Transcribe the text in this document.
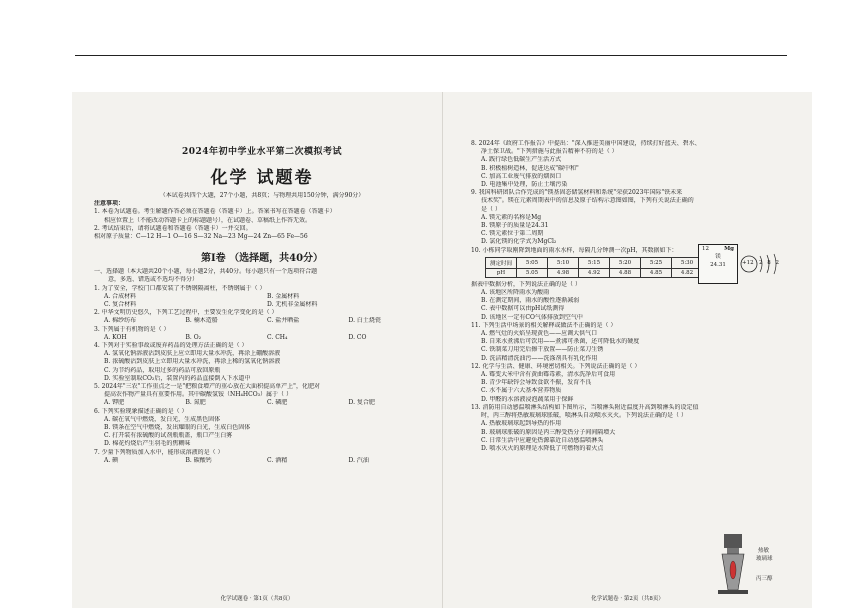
2024年初中学业水平第二次模拟考试
化学 试题卷
（本试卷共四个大题，27个小题，共8页；与物理共用150分钟，满分90分）
注意事项：
1. 本卷为试题卷。考生解题作答必须在答题卷（答题卡）上。答案书写在答题卷（答题卡）
相应位置上（不能改动答题卡上的标题题号），在试题卷、草稿纸上作答无效。
2. 考试结束后，请将试题卷和答题卷（答题卡）一并交回。
相对原子质量：C—12 H—1 O—16 S—32 Na—23 Mg—24 Zn—65 Fe—56
第Ⅰ卷 （选择题，共40分）
一、选择题（本大题共20个小题，每小题2分，共40分。每小题只有一个选项符合题
意，多选、错选或不选均不得分）
1. 为了安全，学校门口都安装了不锈钢隔离柱，不锈钢属于（ ）
A. 合成材料	B. 金属材料
C. 复合材料	D. 无机非金属材料
2. 中华文明历史悠久，下列工艺过程中，主要发生化学变化的是（ ）
A. 棉纱纺布	B. 楠木造船	C. 盐井晒盐	D. 白土烧瓷
3. 下列属于有机物的是（ ）
A. KOH	B. O₂	C. CH₄	D. CO
4. 下列对于实验事故或废弃药品的处理方法正确的是（ ）
A. 氢氧化钠溶液沾到皮肤上应立即用大量水冲洗，再涂上硼酸溶液
B. 浓硫酸沾到皮肤上立即用大量水冲洗，再涂上稀的氢氧化钠溶液
C. 为节约药品，取用过多的药品可放回原瓶
D. 实验室制取CO₂后，装置内的药品直接倒入下水道中
5. 2024年"三农"工作重点之一是"把粮食增产的重心放在大面积提高单产上"，化肥对
提高农作物产量具有重要作用。其中碳酸氢铵（NH₄HCO₃）属于（ ）
A. 钾肥	B. 氮肥	C. 磷肥	D. 复合肥
6. 下列实验现象描述正确的是（ ）
A. 碳在氧气中燃烧，发白光，生成黑色固体
B. 镁条在空气中燃烧，发出耀眼的白光，生成白色固体
C. 打开装有浓硫酸的试剂瓶瓶盖，瓶口产生白雾
D. 棉花灼烧后产生羽毛的焦糊味
7. 少量下列物质加入水中，能形成溶液的是（ ）
A. 碘	B. 碳酸钙	C. 酒精	D. 汽油
化学试题卷 · 第1页（共8页）
8. 2024年《政府工作报告》中提出："深入推进美丽中国建设，持续打好蓝天、碧水、
净土保卫战。"下列措施与此报告精神不符的是（ ）
A. 践行绿色低碳生产生活方式
B. 积极植树造林，促进达成"碳中和"
C. 加高工业废气排放的烟囱口
D. 电池集中处理，防止土壤污染
9. 我国科研团队合作完成的"镁基固态储氢材料和系统"荣获2023年国际"铁未来
技术奖"。镁在元素周期表中的信息及原子结构示意图如图，下列有关说法正确的
是（ ）
A. 镁元素的名称是Mg
B. 镁原子的质量是24.31
C. 镁元素位于第二周期
D. 氯化镁的化学式为MgCl₂
10. 小栋同学取刚降到地面的雨水水样，每隔几分钟测一次pH，其数据如下：
测定时间	5:05	5:10	5:15	5:20	5:25	5:30
pH	5.05	4.98	4.92	4.88	4.85	4.82
据表中数据分析，下列说法正确的是（ ）
A. 该地区所降雨水为酸雨
B. 在测定期间，雨水的酸性逐渐减弱
C. 表中数据可以由pH试纸测得
D. 该地区一定有CO气体排放到空气中
11. 下列生活中场景的相关解释或做法不正确的是（ ）
A. 燃气灶的火焰呈现黄色——应调大供气口
B. 自来水煮沸后可饮用——煮沸可杀菌，还可降低水的硬度
C. 铁制菜刀用完后擦干放置——防止菜刀生锈
D. 洗洁精清洗油污——洗涤剂具有乳化作用
12. 化学与生活、健康、环境密切相关。下列说法正确的是（ ）
A. 霉变大米中含有黄曲霉毒素，清水洗净后可食用
B. 青少年缺锌会导致食欲不振，发育不良
C. 水不属于六大基本营养物质
D. 甲醛的水溶液浸泡蔬菜用于保鲜
13. 消防用自动感温喷淋头结构如下图所示，当喷淋头附近温度升高到喷淋头的设定值
时，丙三醇将热敏玻璃球胀破，喷淋头自动喷水灭火。下列说法正确的是（ ）
A. 热敏玻璃球起到导热的作用
B. 玻璃球胀破的原因是丙三醇受热分子间间隔增大
C. 日常生活中应避免热源靠近自动感温喷淋头
D. 喷水灭火的原理是水降低了可燃物的着火点
12	Mg
镁
24.31	+12 2 8 2
热敏
玻璃球
丙三醇
化学试题卷 · 第2页（共8页）
